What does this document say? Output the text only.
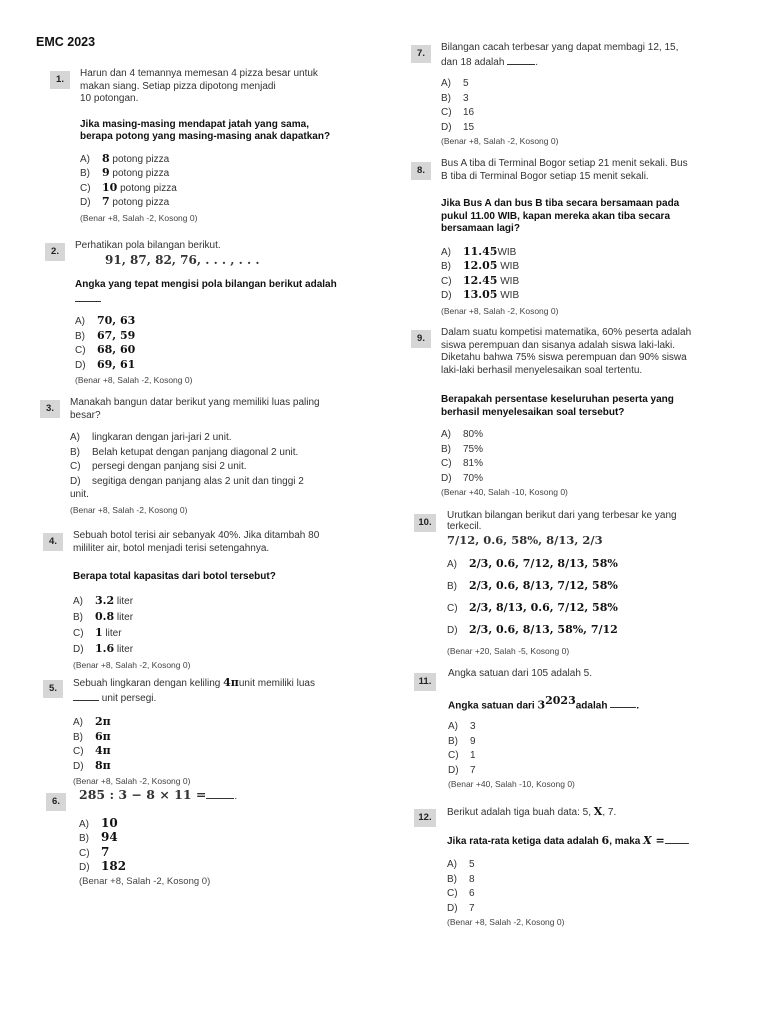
EMC 2023
1.

Harun dan 4 temannya memesan 4 pizza besar untuk
makan siang. Setiap pizza dipotong menjadi
10 potongan.

Jika masing-masing mendapat jatah yang sama,
berapa potong yang masing-masing anak dapatkan?

A) 8 potong pizza
B) 9 potong pizza
C) 10 potong pizza
D) 7 potong pizza
(Benar +8, Salah -2, Kosong 0)
2.

Perhatikan pola bilangan berikut.

91, 87, 82, 76, . . . , . . .

Angka yang tepat mengisi pola bilangan berikut adalah

A) 70, 63
B) 67, 59
C) 68, 60
D) 69, 61
(Benar +8, Salah -2, Kosong 0)
3.

Manakah bangun datar berikut yang memiliki luas paling
besar?

A) lingkaran dengan jari-jari 2 unit.
B) Belah ketupat dengan panjang diagonal 2 unit.
C) persegi dengan panjang sisi 2 unit.
D) segitiga dengan panjang alas 2 unit dan tinggi 2
unit.
(Benar +8, Salah -2, Kosong 0)
4.

Sebuah botol terisi air sebanyak 40%. Jika ditambah 80
mililiter air, botol menjadi terisi setengahnya.

Berapa total kapasitas dari botol tersebut?

A) 3.2 liter
B) 0.8 liter
C) 1 liter
D) 1.6 liter
(Benar +8, Salah -2, Kosong 0)
5.	Sebuah lingkaran dengan keliling 4πunit memiliki luas
unit persegi.

A) 2π
B) 6π
C) 4π
D) 8π
(Benar +8, Salah -2, Kosong 0)
6.	285 : 3 − 8 × 11 =	.
A) 10
B) 94
C) 7
D) 182
(Benar +8, Salah -2, Kosong 0)
7.

Bilangan cacah terbesar yang dapat membagi 12, 15,
dan 18 adalah	.

A) 5
B) 3
C) 16
D) 15
(Benar +8, Salah -2, Kosong 0)
8.

Bus A tiba di Terminal Bogor setiap 21 menit sekali. Bus
B tiba di Terminal Bogor setiap 15 menit sekali.

Jika Bus A dan bus B tiba secara bersamaan pada
pukul 11.00 WIB, kapan mereka akan tiba secara
bersamaan lagi?

A) 11.45WIB
B) 12.05 WIB
C) 12.45 WIB
D) 13.05 WIB
(Benar +8, Salah -2, Kosong 0)
9.

Dalam suatu kompetisi matematika, 60% peserta adalah
siswa perempuan dan sisanya adalah siswa laki-laki.
Diketahu bahwa 75% siswa perempuan dan 90% siswa
laki-laki berhasil menyelesaikan soal tertentu.

Berapakah persentase keseluruhan peserta yang
berhasil menyelesaikan soal tersebut?

A) 80%
B) 75%
C) 81%
D) 70%
(Benar +40, Salah -10, Kosong 0)
10.

Urutkan bilangan berikut dari yang terbesar ke yang
terkecil.

7/12, 0.6, 58%, 8/13, 2/3
A) 2/3, 0.6, 7/12, 8/13, 58%
B) 2/3, 0.6, 8/13, 7/12, 58%
C) 2/3, 8/13, 0.6, 7/12, 58%
D) 2/3, 0.6, 8/13, 58%, 7/12
(Benar +20, Salah -5, Kosong 0)
11.

Angka satuan dari 105 adalah 5.

Angka satuan dari $3^{2023}adalah$	.

A) 3
B) 9
C) 1
D) 7
(Benar +40, Salah -10, Kosong 0)
12.	Berikut adalah tiga buah data: 5, X, 7.

Jika rata-rata ketiga data adalah 6, maka X =

A) 5
B) 8
C) 6
D) 7
(Benar +8, Salah -2, Kosong 0)
